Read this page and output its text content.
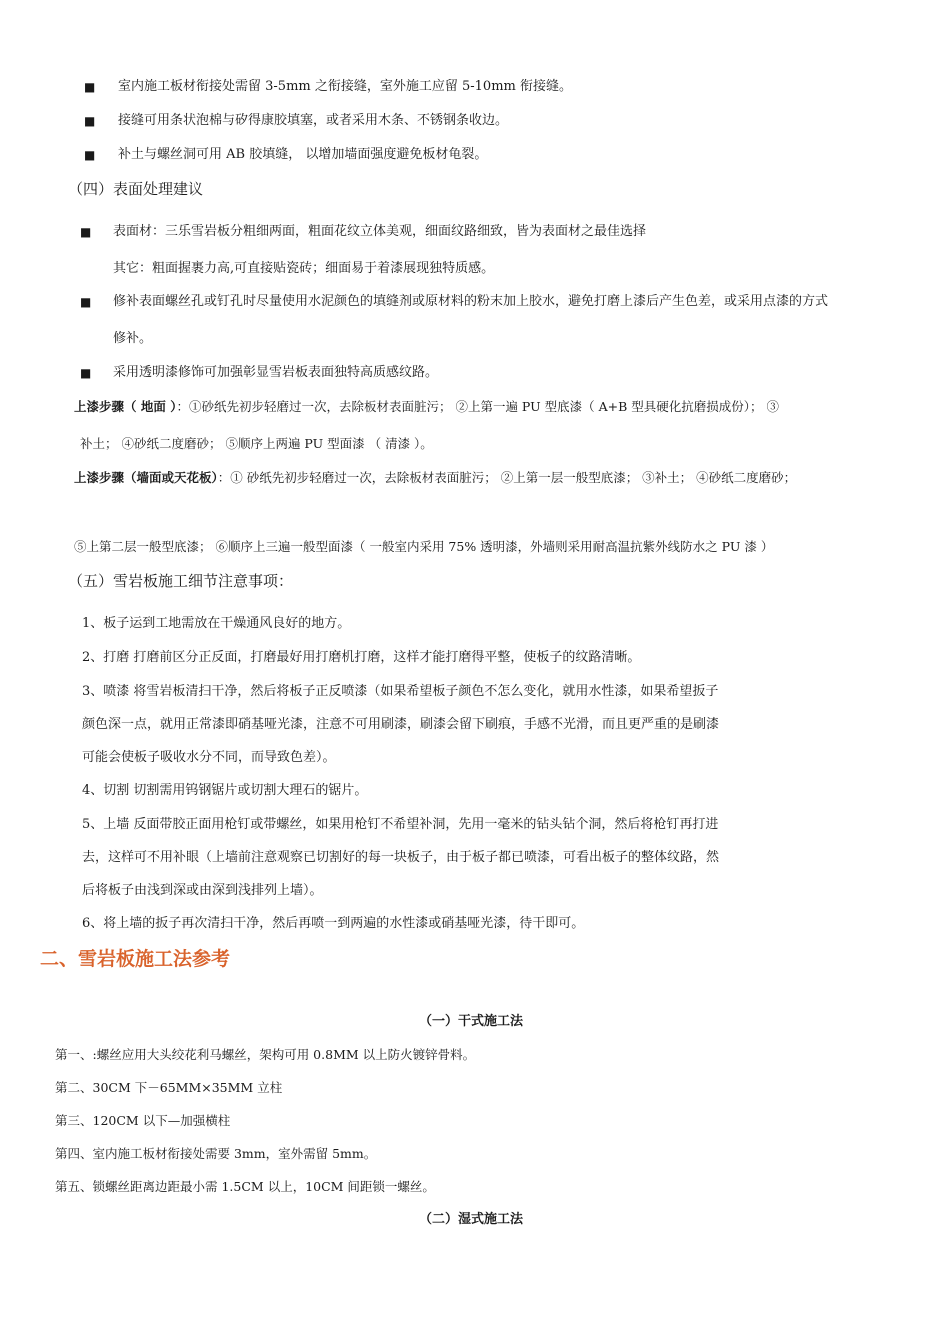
■ 室内施工板材衔接处需留 3-5mm 之衔接缝，室外施工应留 5-10mm 衔接缝。
■ 接缝可用条状泡棉与矽得康胶填塞，或者采用木条、不锈钢条收边。
■ 补土与螺丝洞可用 AB 胶填缝， 以增加墙面强度避免板材龟裂。
（四）表面处理建议
■ 表面材：三乐雪岩板分粗细两面，粗面花纹立体美观，细面纹路细致，皆为表面材之最佳选择
其它：粗面握裹力高,可直接贴瓷砖；细面易于着漆展现独特质感。
■ 修补表面螺丝孔或钉孔时尽量使用水泥颜色的填缝剂或原材料的粉末加上胶水，避免打磨上漆后产生色差，或采用点漆的方式
修补。
■ 采用透明漆修饰可加强彰显雪岩板表面独特高质感纹路。
上漆步骤（ 地面 ）：①砂纸先初步轻磨过一次，去除板材表面脏污； ②上第一遍 PU 型底漆（ A+B 型具硬化抗磨损成份）； ③
补土； ④砂纸二度磨砂； ⑤顺序上两遍 PU 型面漆 （ 清漆 ）。
上漆步骤（墙面或天花板）：① 砂纸先初步轻磨过一次，去除板材表面脏污； ②上第一层一般型底漆； ③补土； ④砂纸二度磨砂；
⑤上第二层一般型底漆； ⑥顺序上三遍一般型面漆（ 一般室内采用 75% 透明漆，外墙则采用耐高温抗紫外线防水之 PU 漆 ）
（五）雪岩板施工细节注意事项：
1、板子运到工地需放在干燥通风良好的地方。
2、打磨 打磨前区分正反面，打磨最好用打磨机打磨，这样才能打磨得平整，使板子的纹路清晰。
3、喷漆 将雪岩板清扫干净，然后将板子正反喷漆（如果希望板子颜色不怎么变化，就用水性漆，如果希望扳子
颜色深一点，就用正常漆即硝基哑光漆，注意不可用刷漆，刷漆会留下刷痕，手感不光滑，而且更严重的是刷漆
可能会使板子吸收水分不同，而导致色差）。
4、切割 切割需用钨钢锯片或切割大理石的锯片。
5、上墙 反面带胶正面用枪钉或带螺丝，如果用枪钉不希望补洞，先用一毫米的钻头钻个洞，然后将枪钉再打进
去，这样可不用补眼（上墙前注意观察已切割好的每一块板子，由于板子都已喷漆，可看出板子的整体纹路，然
后将板子由浅到深或由深到浅排列上墙）。
6、将上墙的扳子再次清扫干净，然后再喷一到两遍的水性漆或硝基哑光漆，待干即可。
二、雪岩板施工法参考
（一）干式施工法
第一、:螺丝应用大头绞花利马螺丝，架构可用 0.8MM 以上防火镀锌骨料。
第二、30CM 下－65MM×35MM 立柱
第三、120CM 以下—加强横柱
第四、室内施工板材衔接处需要 3mm，室外需留 5mm。
第五、锁螺丝距离边距最小需 1.5CM 以上，10CM 间距锁一螺丝。
（二）湿式施工法
